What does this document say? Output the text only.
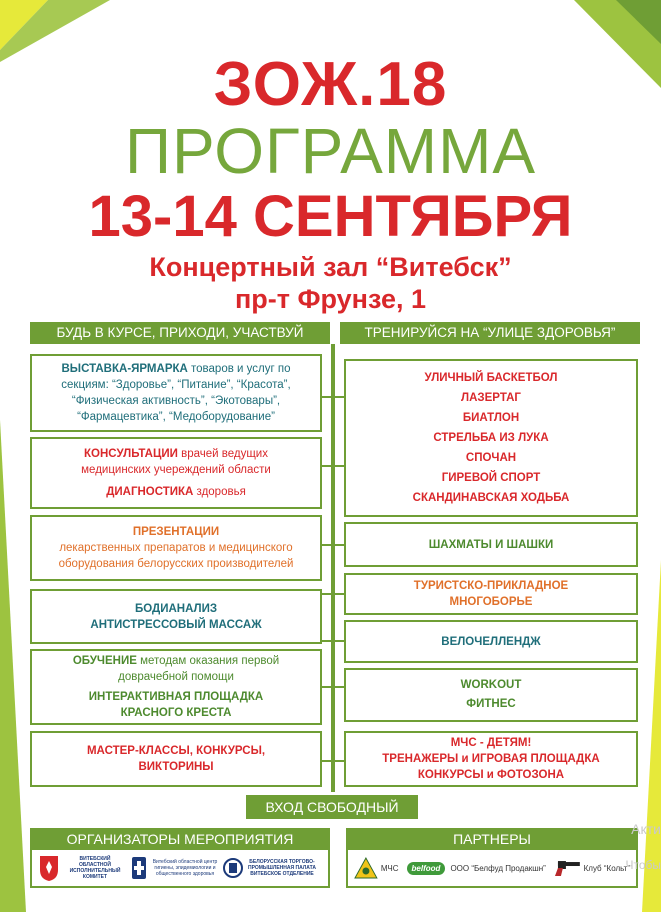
ЗОЖ.18
ПРОГРАММА
13-14 СЕНТЯБРЯ
Концертный зал “Витебск”
пр-т Фрунзе, 1
БУДЬ В КУРСЕ, ПРИХОДИ, УЧАСТВУЙ	ТРЕНИРУЙСЯ НА “УЛИЦЕ ЗДОРОВЬЯ”
ВЫСТАВКА-ЯРМАРКА товаров и услуг по
секциям: “Здоровье”, “Питание”, “Красота”,
“Физическая активность”, “Экотовары”,
“Фармацевтика”, “Медоборудование”
КОНСУЛЬТАЦИИ врачей ведущих
медицинских учереждений области
ДИАГНОСТИКА здоровья
ПРЕЗЕНТАЦИИ
лекарственных препаратов и медицинского
оборудования белорусских производителей
БОДИАНАЛИЗ
АНТИСТРЕССОВЫЙ МАССАЖ
ОБУЧЕНИЕ методам оказания первой
доврачебной помощи
ИНТЕРАКТИВНАЯ ПЛОЩАДКА
КРАСНОГО КРЕСТА
МАСТЕР-КЛАССЫ, КОНКУРСЫ,
ВИКТОРИНЫ
УЛИЧНЫЙ БАСКЕТБОЛ
ЛАЗЕРТАГ
БИАТЛОН
СТРЕЛЬБА ИЗ ЛУКА
СПОЧАН
ГИРЕВОЙ СПОРТ
СКАНДИНАВСКАЯ ХОДЬБА
ШАХМАТЫ И ШАШКИ
ТУРИСТСКО-ПРИКЛАДНОЕ
МНОГОБОРЬЕ
ВЕЛОЧЕЛЛЕНДЖ
WORKOUT
ФИТНЕС
МЧС - ДЕТЯМ!
ТРЕНАЖЕРЫ и ИГРОВАЯ ПЛОЩАДКА
КОНКУРСЫ и ФОТОЗОНА
ВХОД СВОБОДНЫЙ
ОРГАНИЗАТОРЫ МЕРОПРИЯТИЯ
ВИТЕБСКИЙ ОБЛАСТНОЙ ИСПОЛНИТЕЛЬНЫЙ КОМИТЕТ
Витебский областной центр гигиены, эпидемиологии и общественного здоровья
БЕЛОРУССКАЯ ТОРГОВО-ПРОМЫШЛЕННАЯ ПАЛАТА ВИТЕБСКОЕ ОТДЕЛЕНИЕ
ПАРТНЕРЫ
МЧС	belfood	ООО “Белфуд Продакшн”	Клуб “Кольт”
Акти
Чтобы
